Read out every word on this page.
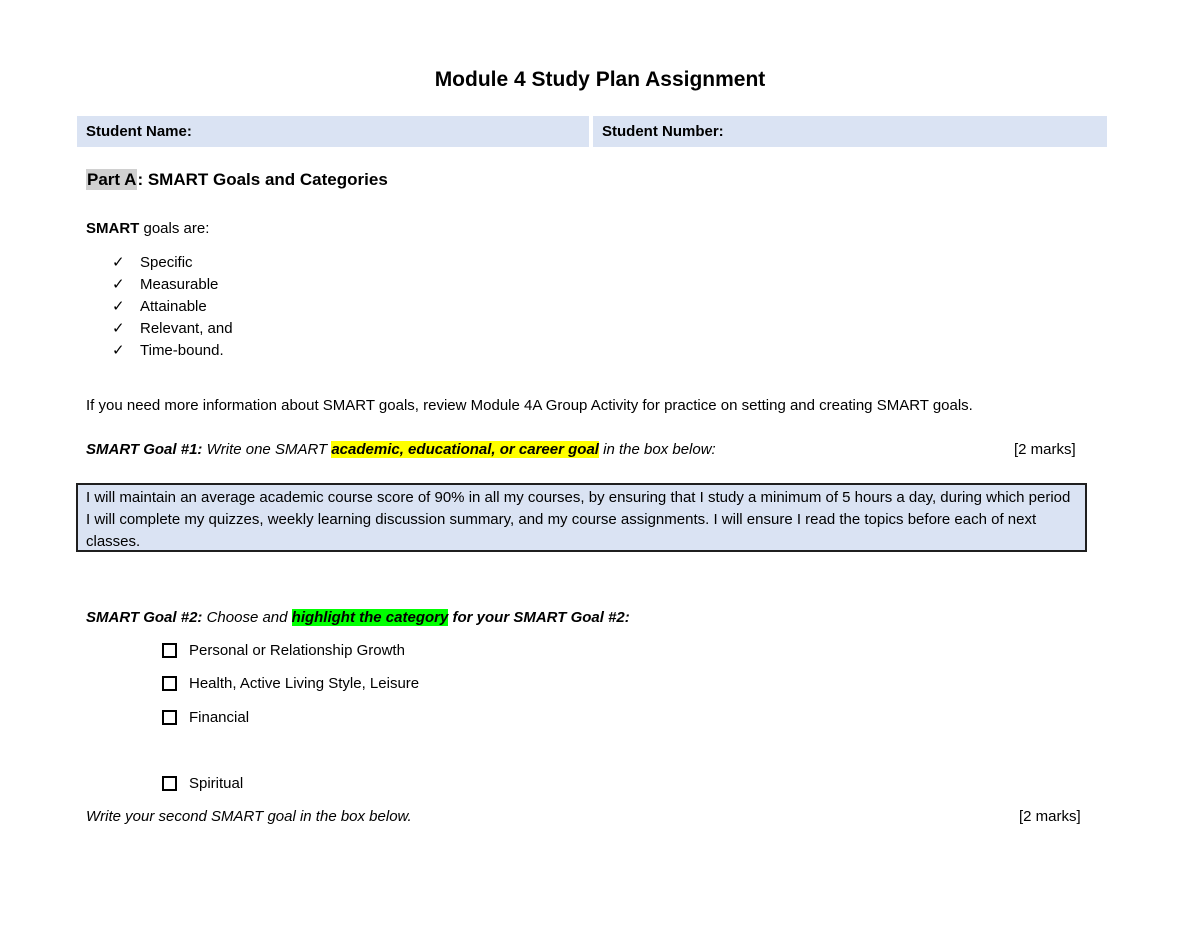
Module 4 Study Plan Assignment
Student Name:	Student Number:
Part A: SMART Goals and Categories
SMART goals are:
✓	Specific
✓	Measurable
✓	Attainable
✓	Relevant, and
✓	Time-bound.
If you need more information about SMART goals, review Module 4A Group Activity for practice on setting and creating SMART goals.
SMART Goal #1: Write one SMART academic, educational, or career goal in the box below:	[2 marks]
I will maintain an average academic course score of 90% in all my courses, by ensuring that I study a minimum of 5 hours a day, during which period I will complete my quizzes, weekly learning discussion summary, and my course assignments. I will ensure I read the topics before each of next classes.
SMART Goal #2: Choose and highlight the category for your SMART Goal #2:
Personal or Relationship Growth
Health, Active Living Style, Leisure
Financial
Spiritual
Write your second SMART goal in the box below.	[2 marks]
